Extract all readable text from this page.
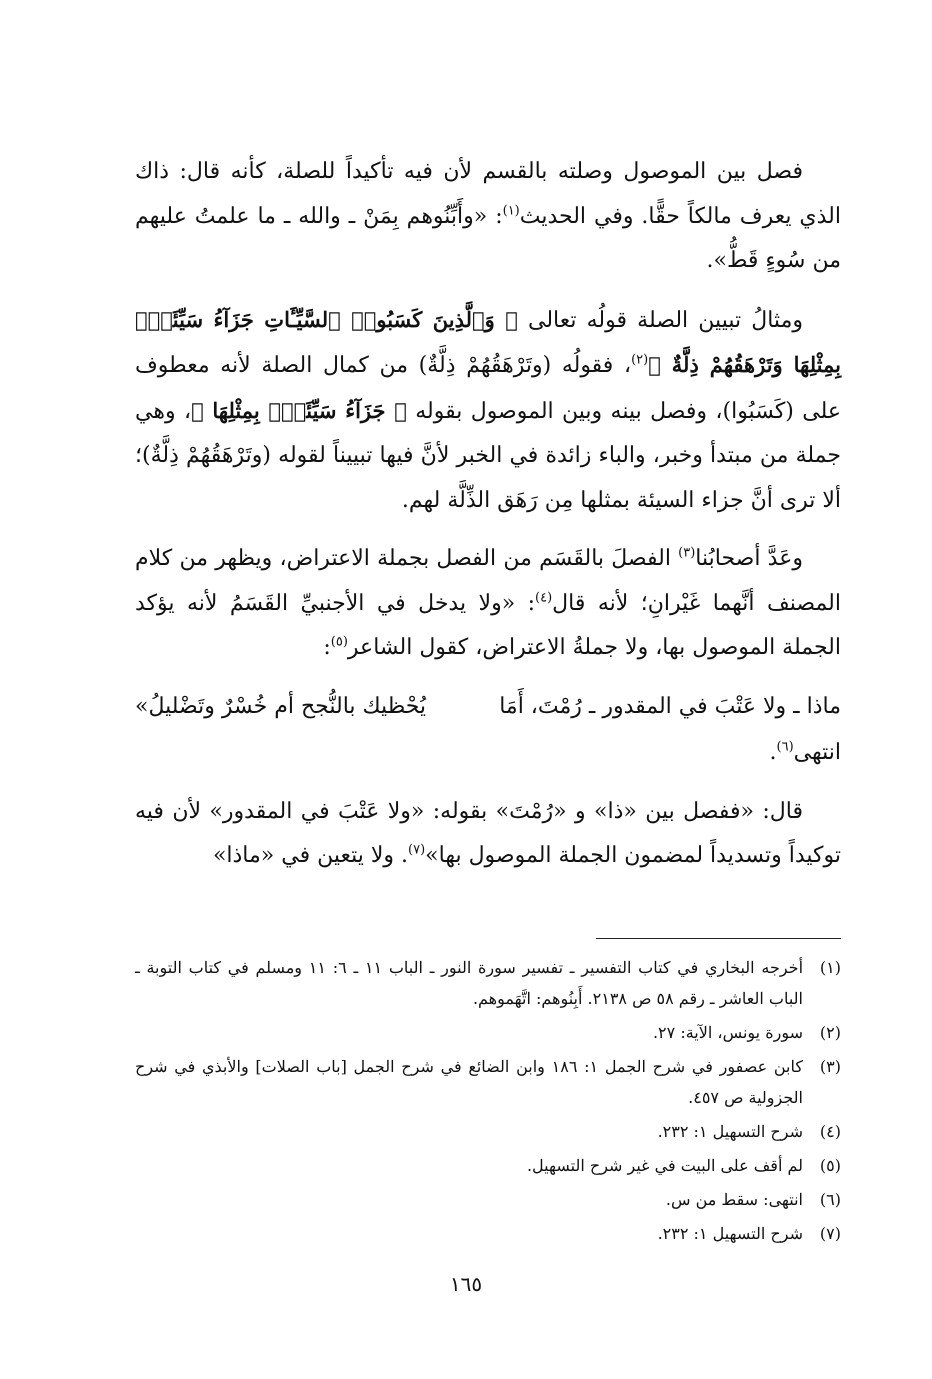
فصل بين الموصول وصلته بالقسم لأن فيه تأكيداً للصلة، كأنه قال: ذاك الذي يعرف مالكاً حقًّا. وفي الحديث$^{(١)}$: «وأَبِّنُوهم بِمَنْ ـ والله ـ ما علمتُ عليهم من سُوءٍ قَطُّ».

ومثالُ تبيين الصلة قولُه تعالى ﴿ وَٱلَّذِينَ كَسَبُوا۟ ٱلسَّيِّـَٔاتِ جَزَآءُ سَيِّئَةٍۭ بِمِثْلِهَا وَتَرْهَقُهُمْ ذِلَّةٌ ﴾$^{(٢)}$، فقولُه (وتَرْهَقُهُمْ ذِلَّةٌ) من كمال الصلة لأنه معطوف على (كَسَبُوا)، وفصل بينه وبين الموصول بقوله ﴿ جَزَآءُ سَيِّئَةٍۭ بِمِثْلِهَا ﴾، وهي جملة من مبتدأ وخبر، والباء زائدة في الخبر لأنَّ فيها تبييناً لقوله (وتَرْهَقُهُمْ ذِلَّةٌ)؛ ألا ترى أنَّ جزاء السيئة بمثلها مِن رَهَق الذِّلَّة لهم.

وعَدَّ أصحابُنا$^{(٣)}$ الفصلَ بالقَسَم من الفصل بجملة الاعتراض، ويظهر من كلام المصنف أنَّهما غَيْرانِ؛ لأنه قال$^{(٤)}$: «ولا يدخل في الأجنبيِّ القَسَمُ لأنه يؤكد الجملة الموصول بها، ولا جملةُ الاعتراض، كقول الشاعر$^{(٥)}$:

ماذا ـ ولا عَتْبَ في المقدور ـ رُمْتَ، أَمَا
يُحْظيك بالنُّجح أم خُسْرٌ وتَضْليلُ»

انتهى$^{(٦)}$.

قال: «ففصل بين «ذا» و «رُمْتَ» بقوله: «ولا عَتْبَ في المقدور» لأن فيه توكيداً وتسديداً لمضمون الجملة الموصول بها»$^{(٧)}$. ولا يتعين في «ماذا»

(١)
أخرجه البخاري في كتاب التفسير ـ تفسير سورة النور ـ الباب ١١ ـ ٦: ١١ ومسلم في كتاب التوبة ـ الباب العاشر ـ رقم ٥٨ ص ٢١٣٨. أَبِنُوهم: اتَّهَموهم.
(٢)
سورة يونس، الآية: ٢٧.
(٣)
كابن عصفور في شرح الجمل ١: ١٨٦ وابن الضائع في شرح الجمل [باب الصلات] والأبذي في شرح الجزولية ص ٤٥٧.
(٤)
شرح التسهيل ١: ٢٣٢.
(٥)
لم أقف على البيت في غير شرح التسهيل.
(٦)
انتهى: سقط من س.
(٧)
شرح التسهيل ١: ٢٣٢.
١٦٥
